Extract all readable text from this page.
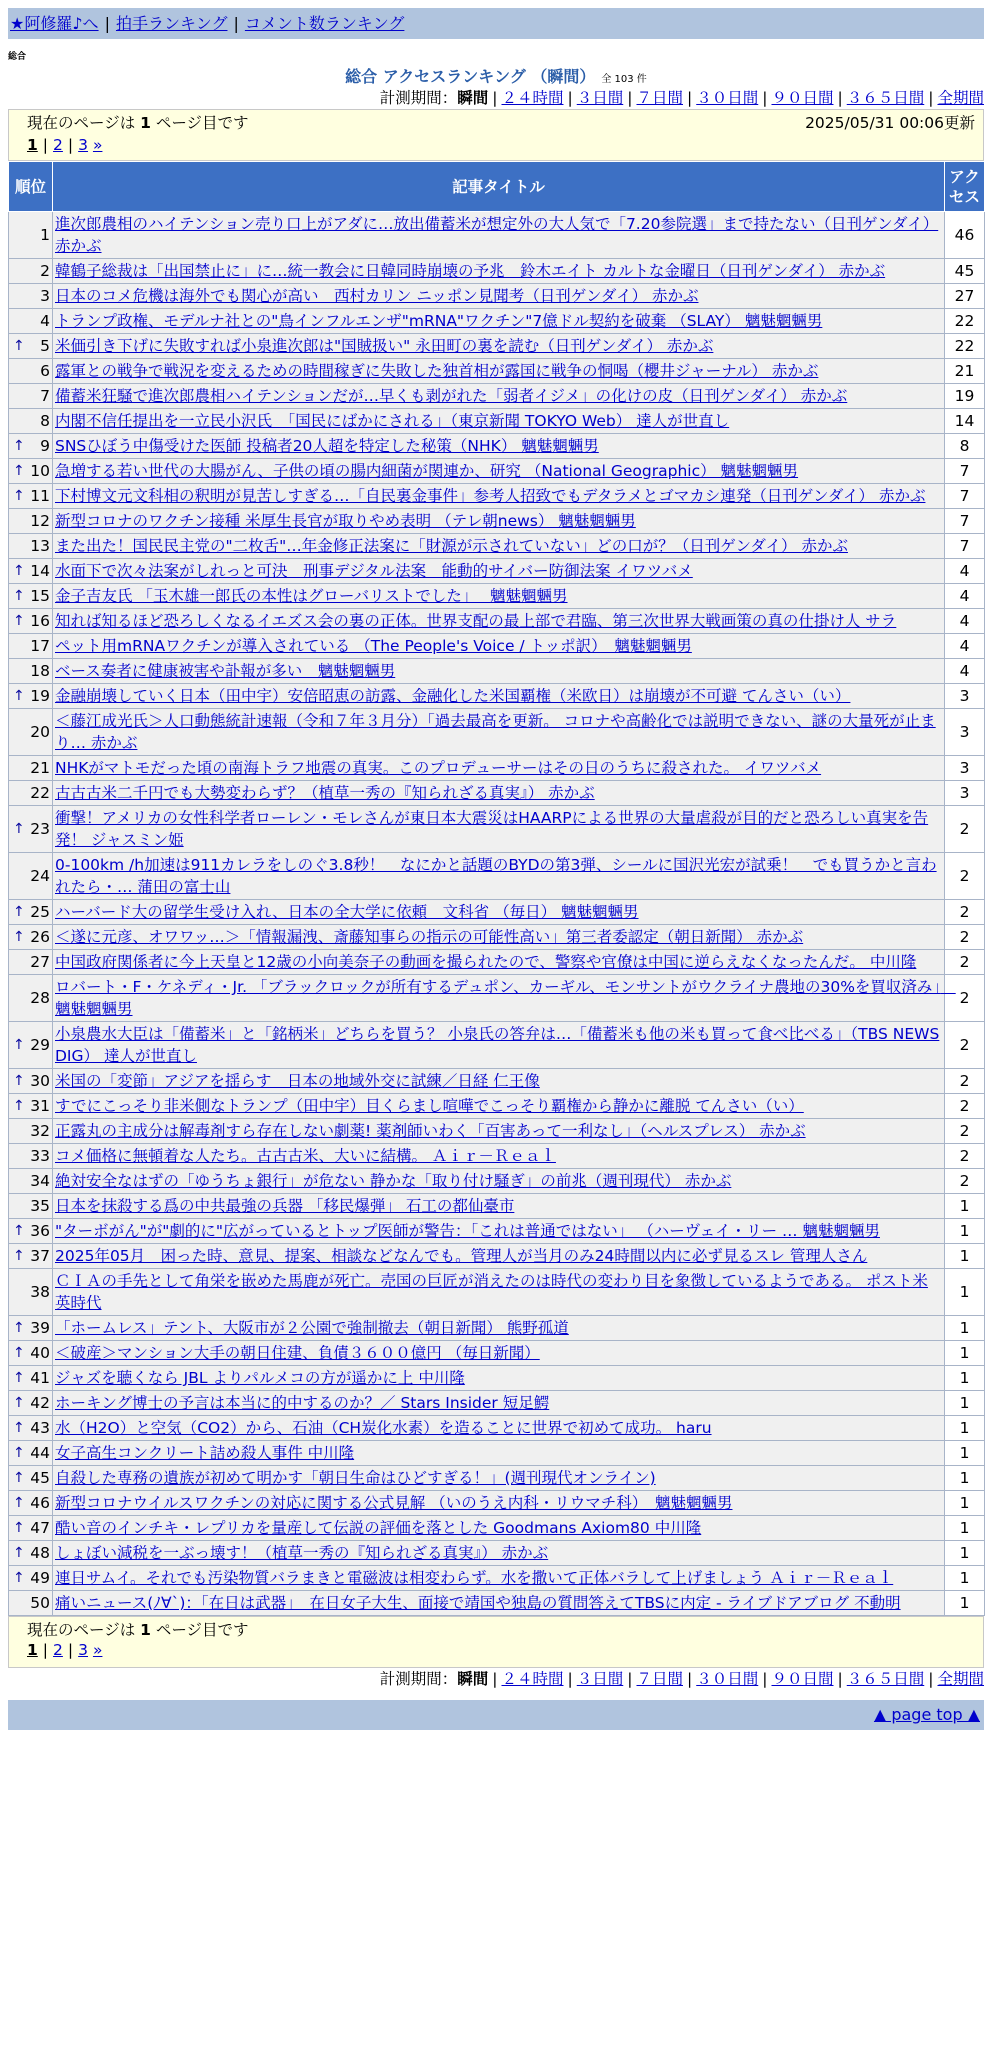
★阿修羅♪へ | 拍手ランキング | コメント数ランキング
総合
総合 アクセスランキング （瞬間） 全 103 件
計測期間：瞬間 | ２４時間 | ３日間 | ７日間 | ３０日間 | ９０日間 | ３６５日間 | 全期間
現在のページは 1 ページ目です	2025/05/31 00:06更新
1 | 2 | 3 »
順位	記事タイトル	アクセス
1	進次郎農相のハイテンション売り口上がアダに…放出備蓄米が想定外の大人気で「7.20参院選」まで持たない（日刊ゲンダイ） 赤かぶ	46
2	韓鶴子総裁は「出国禁止に」に…統一教会に日韓同時崩壊の予兆　鈴木エイト カルトな金曜日（日刊ゲンダイ） 赤かぶ	45
3	日本のコメ危機は海外でも関心が高い　西村カリン ニッポン見聞考（日刊ゲンダイ） 赤かぶ	27
4	トランプ政権、モデルナ社との"鳥インフルエンザ"mRNA"ワクチン"7億ドル契約を破棄 （SLAY） 魑魅魍魎男	22

↑ 5	米価引き下げに失敗すれば小泉進次郎は"国賊扱い" 永田町の裏を読む（日刊ゲンダイ） 赤かぶ	22
6	露軍との戦争で戦況を変えるための時間稼ぎに失敗した独首相が露国に戦争の恫喝（櫻井ジャーナル） 赤かぶ	21
7	備蓄米狂騒で進次郎農相ハイテンションだが…早くも剥がれた「弱者イジメ」の化けの皮（日刊ゲンダイ） 赤かぶ	19
8	内閣不信任提出を一立民小沢氏　「国民にばかにされる」（東京新聞 TOKYO Web） 達人が世直し	14

↑ 9	SNSひぼう中傷受けた医師 投稿者20人超を特定した秘策（NHK） 魑魅魍魎男	8

↑ 10	急増する若い世代の大腸がん、子供の頃の腸内細菌が関連か、研究 （National Geographic） 魑魅魍魎男	7

↑ 11	下村博文元文科相の釈明が見苦しすぎる…「自民裏金事件」参考人招致でもデタラメとゴマカシ連発（日刊ゲンダイ） 赤かぶ	7
12	新型コロナのワクチン接種 米厚生長官が取りやめ表明 （テレ朝news） 魑魅魍魎男	7
13	また出た！国民民主党の"二枚舌"…年金修正法案に「財源が示されていない」どの口が？（日刊ゲンダイ） 赤かぶ	7

↑ 14	水面下で次々法案がしれっと可決　刑事デジタル法案　能動的サイバー防御法案 イワツバメ	4

↑ 15	金子吉友氏 「玉木雄一郎氏の本性はグローバリストでした」　 魑魅魍魎男	4

↑ 16	知れば知るほど恐ろしくなるイエズス会の裏の正体。世界支配の最上部で君臨、第三次世界大戦画策の真の仕掛け人 サラ	4
17	ペット用mRNAワクチンが導入されている （The People's Voice / トッポ訳）　魑魅魍魎男	4
18	ベース奏者に健康被害や訃報が多い　魑魅魍魎男	4

↑ 19	金融崩壊していく日本（田中宇）安倍昭恵の訪露、金融化した米国覇権（米欧日）は崩壊が不可避 てんさい（い）	3
20	＜藤江成光氏＞人口動態統計速報（令和７年３月分）「過去最高を更新。 コロナや高齢化では説明できない、謎の大量死が止まり… 赤かぶ	3
21	NHKがマトモだった頃の南海トラフ地震の真実。このプロデューサーはその日のうちに殺された。 イワツバメ	3
22	古古古米二千円でも大勢変わらず？（植草一秀の『知られざる真実』） 赤かぶ	3

↑ 23	衝撃！アメリカの女性科学者ローレン・モレさんが東日本大震災はHAARPによる世界の大量虐殺が目的だと恐ろしい真実を告発！ ジャスミン姫	2
24	0-100km /h加速は911カレラをしのぐ3.8秒！　なにかと話題のBYDの第3弾、シールに国沢光宏が試乗！　でも買うかと言われたら・… 蒲田の富士山	2

↑ 25	ハーバード大の留学生受け入れ、日本の全大学に依頼　文科省 （毎日） 魑魅魍魎男	2

↑ 26	＜遂に元彦、オワワッ…＞「情報漏洩、斎藤知事らの指示の可能性高い」第三者委認定（朝日新聞） 赤かぶ	2
27	中国政府関係者に今上天皇と12歳の小向美奈子の動画を撮られたので、警察や官僚は中国に逆らえなくなったんだ。 中川隆	2
28	ロバート・F・ケネディ・Jr. 「ブラックロックが所有するデュポン、カーギル、モンサントがウクライナ農地の30%を買収済み」　魑魅魍魎男	2

↑ 29	小泉農水大臣は「備蓄米」と「銘柄米」どちらを買う？ 小泉氏の答弁は…「備蓄米も他の米も買って食べ比べる」（TBS NEWS DIG） 達人が世直し	2

↑ 30	米国の「変節」アジアを揺らす　日本の地域外交に試練／日経 仁王像	2

↑ 31	すでにこっそり非米側なトランプ（田中宇）目くらまし喧嘩でこっそり覇権から静かに離脱 てんさい（い）	2
32	正露丸の主成分は解毒剤すら存在しない劇薬! 薬剤師いわく「百害あって一利なし」（ヘルスプレス） 赤かぶ	2
33	コメ価格に無頓着な人たち。古古古米、大いに結構。 Ａｉｒ－Ｒｅａｌ	2
34	絶対安全なはずの「ゆうちょ銀行」が危ない 静かな「取り付け騒ぎ」の前兆（週刊現代） 赤かぶ	2
35	日本を抹殺する爲の中共最強の兵器 「移民爆弾」 石工の都仙臺市	1

↑ 36	"ターボがん"が"劇的に"広がっているとトップ医師が警告：「これは普通ではない」 （ハーヴェイ・リー … 魑魅魍魎男	1

↑ 37	2025年05月　困った時、意見、提案、相談などなんでも。管理人が当月のみ24時間以内に必ず見るスレ 管理人さん	1
38	ＣＩＡの手先として角栄を嵌めた馬鹿が死亡。売国の巨匠が消えたのは時代の変わり目を象徴しているようである。 ポスト米英時代	1

↑ 39	「ホームレス」テント、大阪市が２公園で強制撤去（朝日新聞） 熊野孤道	1

↑ 40	＜破産＞マンション大手の朝日住建、負債３６００億円 （毎日新聞）	1

↑ 41	ジャズを聴くなら JBL よりパルメコの方が遥かに上 中川隆	1

↑ 42	ホーキング博士の予言は本当に的中するのか？／ Stars Insider 短足鰐	1

↑ 43	水（H2O）と空気（CO2）から、石油（CH炭化水素）を造ることに世界で初めて成功。 haru	1

↑ 44	女子高生コンクリート詰め殺人事件 中川隆	1

↑ 45	自殺した専務の遺族が初めて明かす「朝日生命はひどすぎる！」(週刊現代オンライン)	1

↑ 46	新型コロナウイルスワクチンの対応に関する公式見解 （いのうえ内科・リウマチ科）　魑魅魍魎男	1

↑ 47	酷い音のインチキ・レプリカを量産して伝説の評価を落とした Goodmans Axiom80 中川隆	1

↑ 48	しょぼい減税を一ぶっ壊す！（植草一秀の『知られざる真実』） 赤かぶ	1

↑ 49	連日サムイ。それでも汚染物質バラまきと電磁波は相変わらず。水を撒いて正体バラして上げましょう Ａｉｒ－Ｒｅａｌ	1
50	痛いニュース(ﾉ∀`)：「在日は武器」　在日女子大生、面接で靖国や独島の質問答えてTBSに内定 - ライブドアブログ 不動明	1
現在のページは 1 ページ目です
1 | 2 | 3 »
計測期間：瞬間 | ２４時間 | ３日間 | ７日間 | ３０日間 | ９０日間 | ３６５日間 | 全期間
▲ page top ▲
